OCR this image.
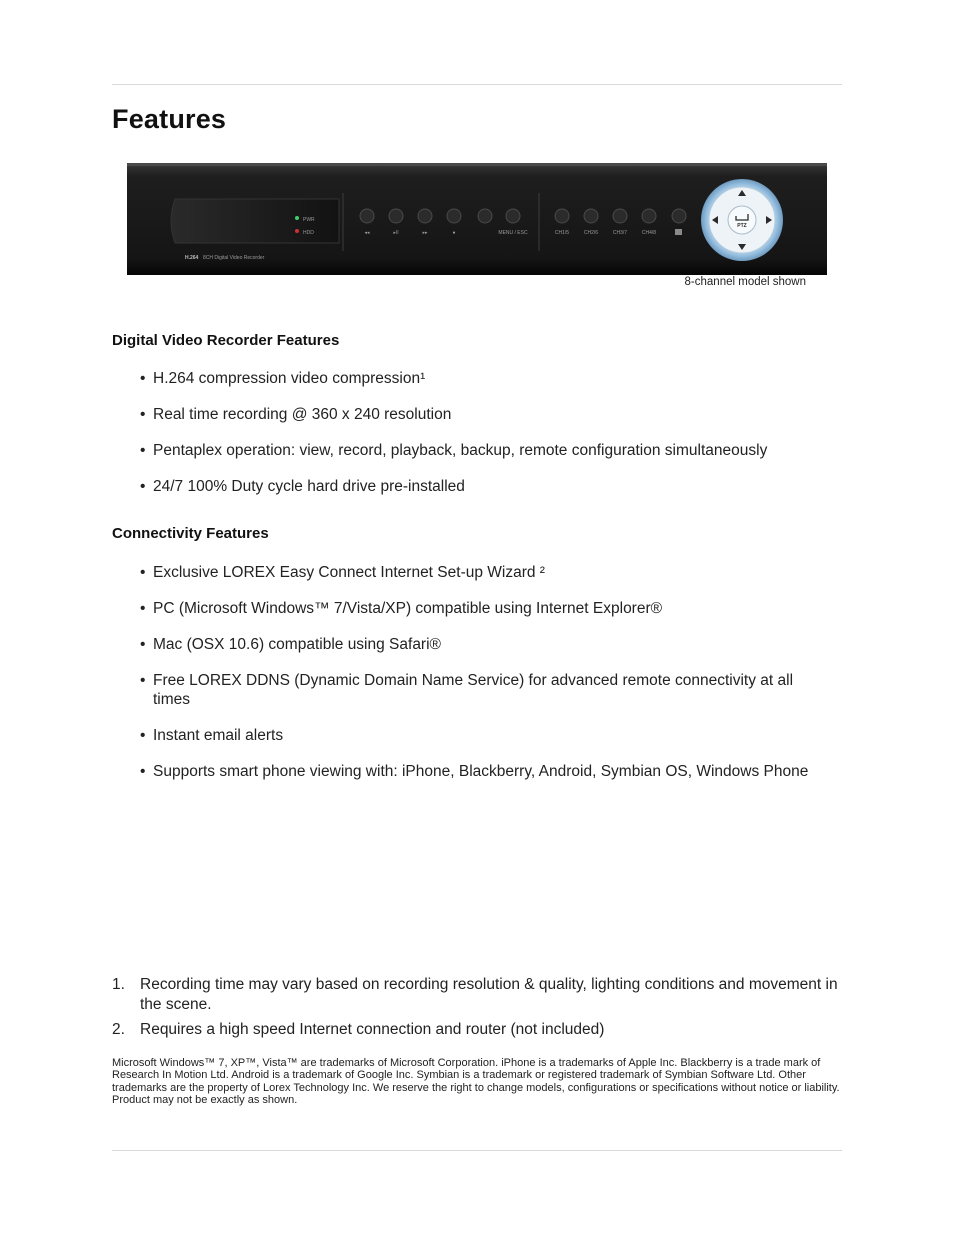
Features
PWR
HDD	◂◂	▸II	▸▸	●	MENU / ESC	CH1/5	CH2/6	CH3/7	CH4/8
PTZ
H.264 8CH Digital Video Recorder
8-channel model shown
Digital Video Recorder Features
• H.264 compression video compression¹
• Real time recording @ 360 x 240 resolution
• Pentaplex operation: view, record, playback, backup, remote configuration simultaneously
• 24/7 100% Duty cycle hard drive pre-installed
Connectivity Features
• Exclusive LOREX Easy Connect Internet Set-up Wizard ²
• PC (Microsoft Windows™ 7/Vista/XP) compatible using Internet Explorer®
• Mac (OSX 10.6) compatible using Safari®
• Free LOREX DDNS (Dynamic Domain Name Service) for advanced remote connectivity at all times
• Instant email alerts
• Supports smart phone viewing with: iPhone, Blackberry, Android, Symbian OS, Windows Phone
1. Recording time may vary based on recording resolution & quality, lighting conditions and movement in the scene.
2. Requires a high speed Internet connection and router (not included)

Microsoft Windows™ 7, XP™, Vista™ are trademarks of Microsoft Corporation. iPhone is a trademarks of Apple Inc. Blackberry is a trade mark of Research In Motion Ltd. Android is a trademark of Google Inc. Symbian is a trademark or registered trademark of Symbian Software Ltd. Other trademarks are the property of Lorex Technology Inc. We reserve the right to change models, configurations or specifications without notice or liability. Product may not be exactly as shown.
